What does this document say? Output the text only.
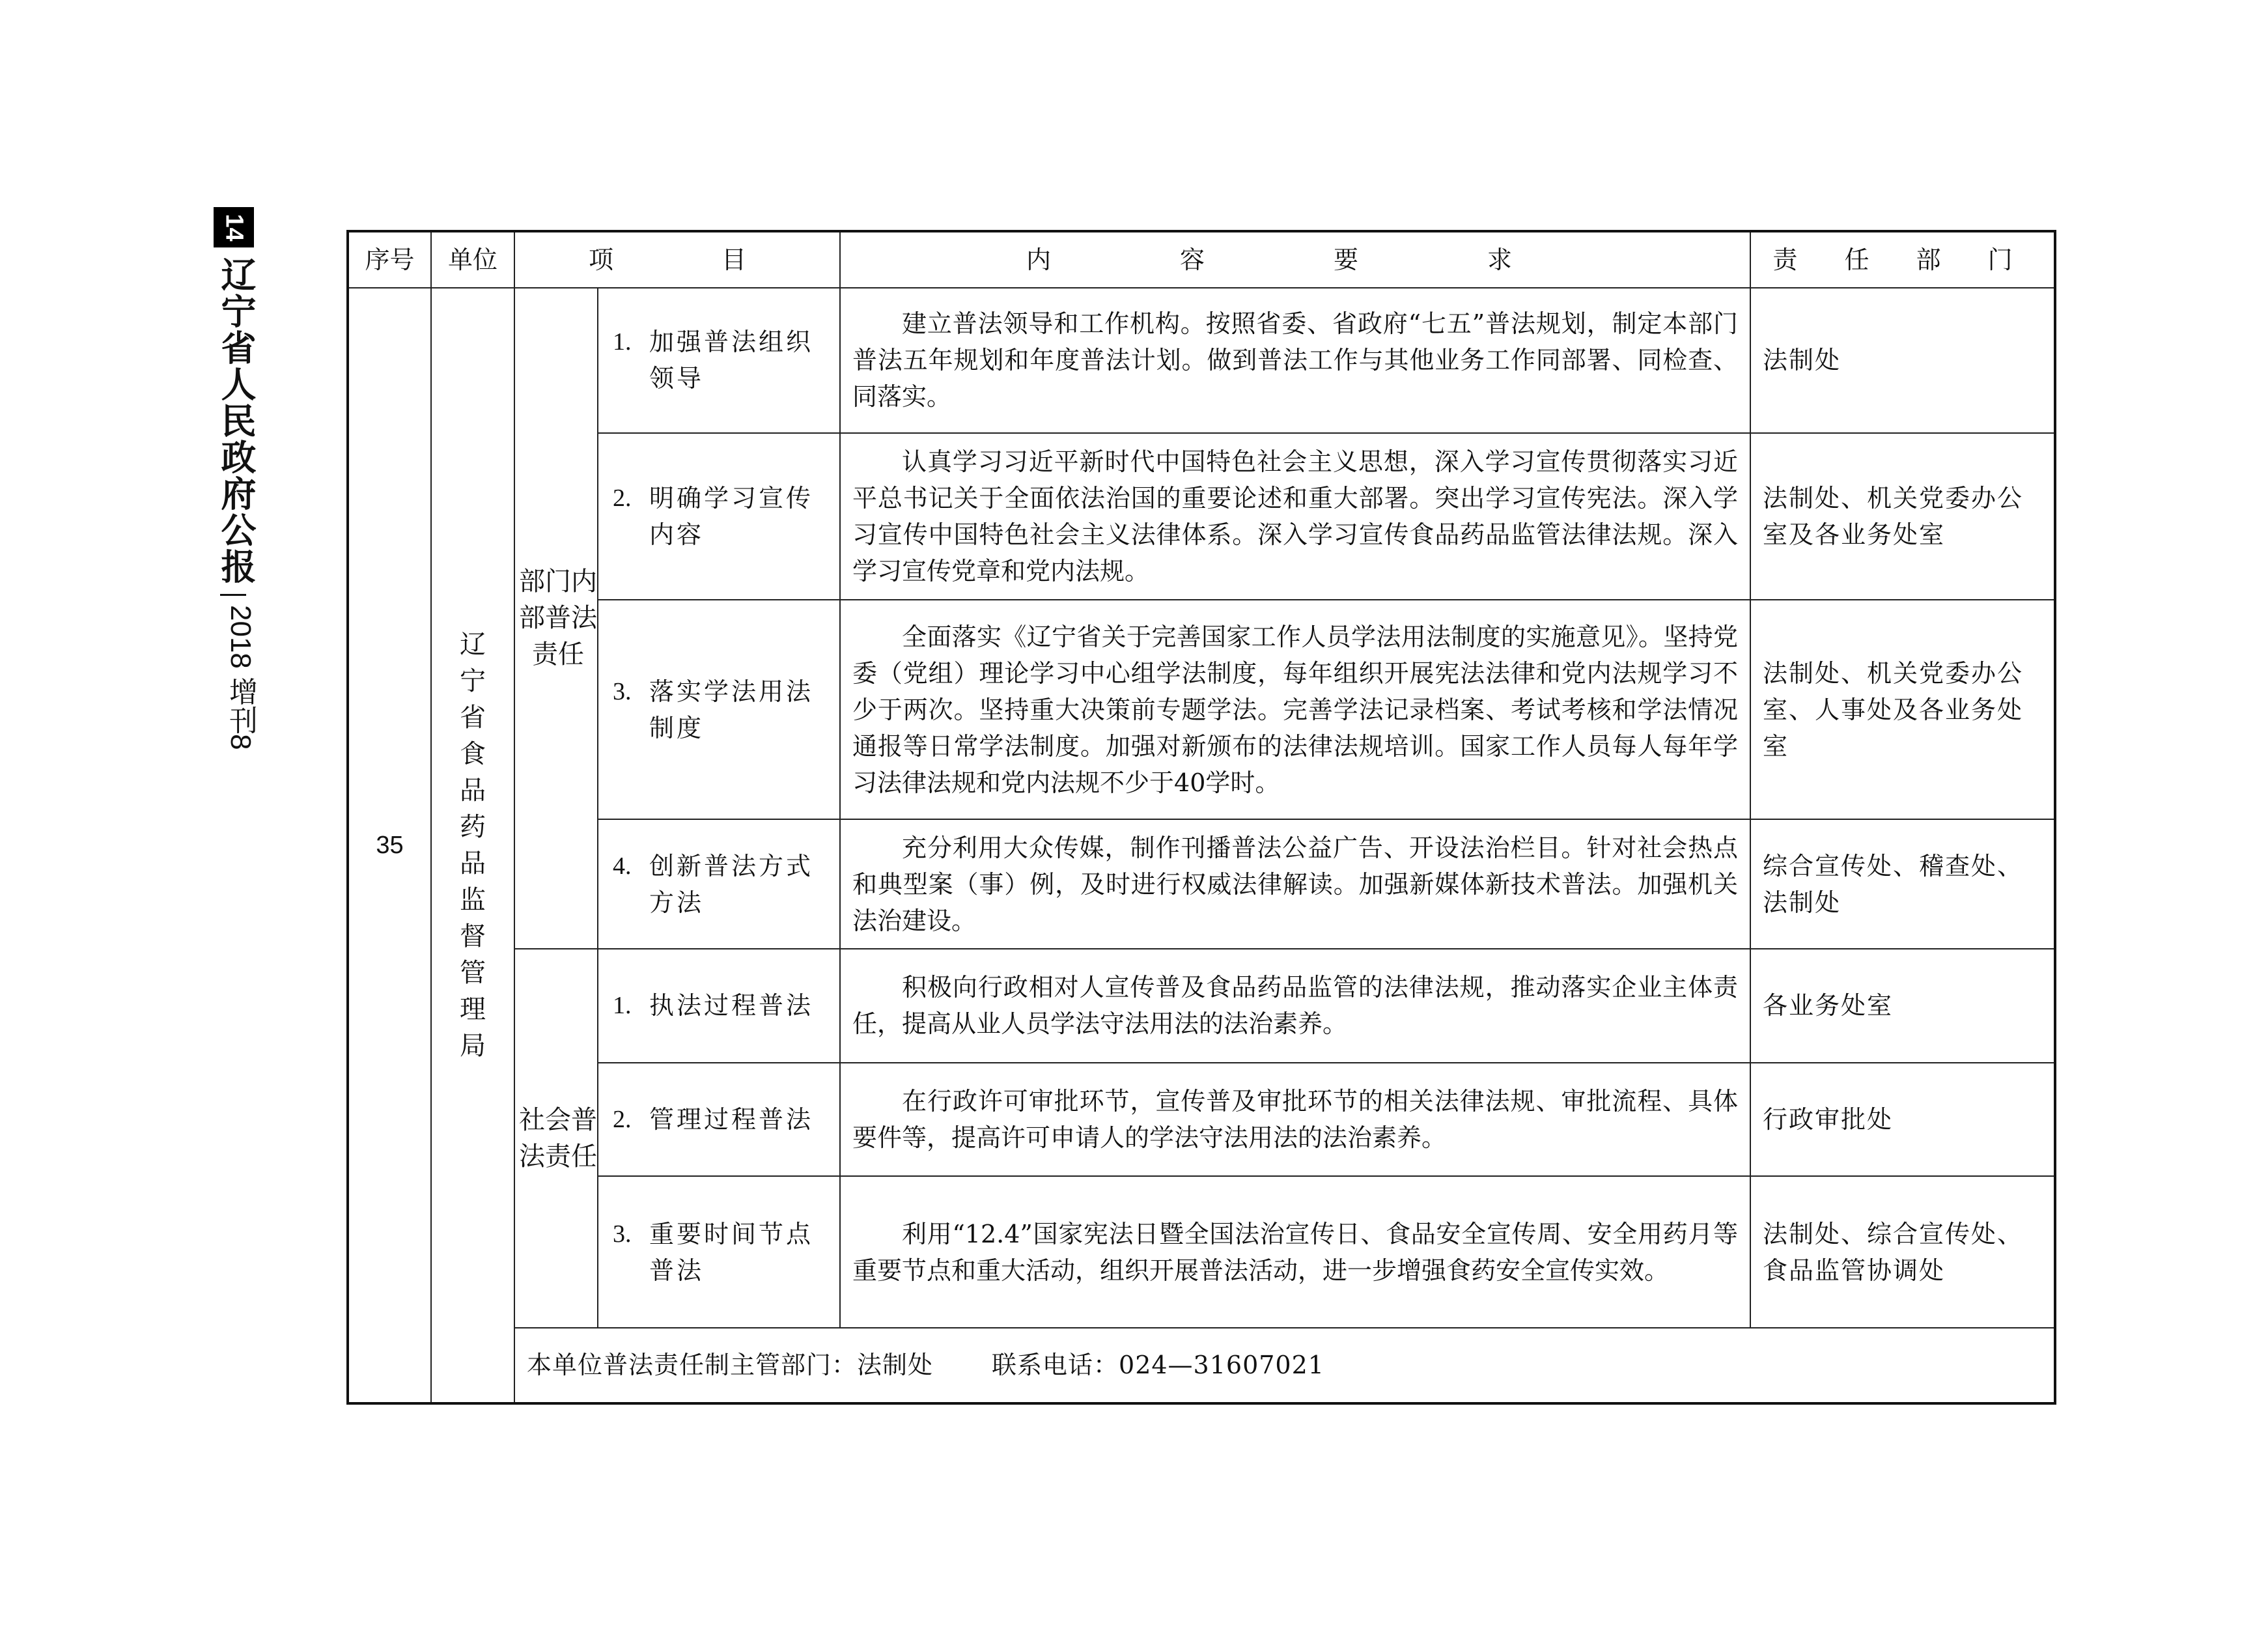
14
辽宁省人民政府公报
2018 增刊8
序号	单位	项　　目		内　容　要　求	责 任 部 门
35	辽宁省食品药品监督管理局	部门内部普法责任	1. 加强普法组织领导	建立普法领导和工作机构。按照省委、省政府“七五”普法规划，制定本部门普法五年规划和年度普法计划。做到普法工作与其他业务工作同部署、同检查、同落实。	法制处

			2. 明确学习宣传内容	认真学习习近平新时代中国特色社会主义思想，深入学习宣传贯彻落实习近平总书记关于全面依法治国的重要论述和重大部署。突出学习宣传宪法。深入学习宣传中国特色社会主义法律体系。深入学习宣传食品药品监管法律法规。深入学习宣传党章和党内法规。	法制处、机关党委办公室及各业务处室

			3. 落实学法用法制度	全面落实《辽宁省关于完善国家工作人员学法用法制度的实施意见》。坚持党委（党组）理论学习中心组学法制度，每年组织开展宪法法律和党内法规学习不少于两次。坚持重大决策前专题学法。完善学法记录档案、考试考核和学法情况通报等日常学法制度。加强对新颁布的法律法规培训。国家工作人员每人每年学习法律法规和党内法规不少于40学时。	法制处、机关党委办公室、人事处及各业务处室

			4. 创新普法方式方法	充分利用大众传媒，制作刊播普法公益广告、开设法治栏目。针对社会热点和典型案（事）例，及时进行权威法律解读。加强新媒体新技术普法。加强机关法治建设。	综合宣传处、稽查处、法制处
		社会普法责任	1. 执法过程普法	积极向行政相对人宣传普及食品药品监管的法律法规，推动落实企业主体责任，提高从业人员学法守法用法的法治素养。	各业务处室

			2. 管理过程普法	在行政许可审批环节，宣传普及审批环节的相关法律法规、审批流程、具体要件等，提高许可申请人的学法守法用法的法治素养。	行政审批处

			3. 重要时间节点普法	利用“12.4”国家宪法日暨全国法治宣传日、食品安全宣传周、安全用药月等重要节点和重大活动，组织开展普法活动，进一步增强食药安全宣传实效。	法制处、综合宣传处、食品监管协调处
		本单位普法责任制主管部门：法制处 联系电话：024—31607021			
